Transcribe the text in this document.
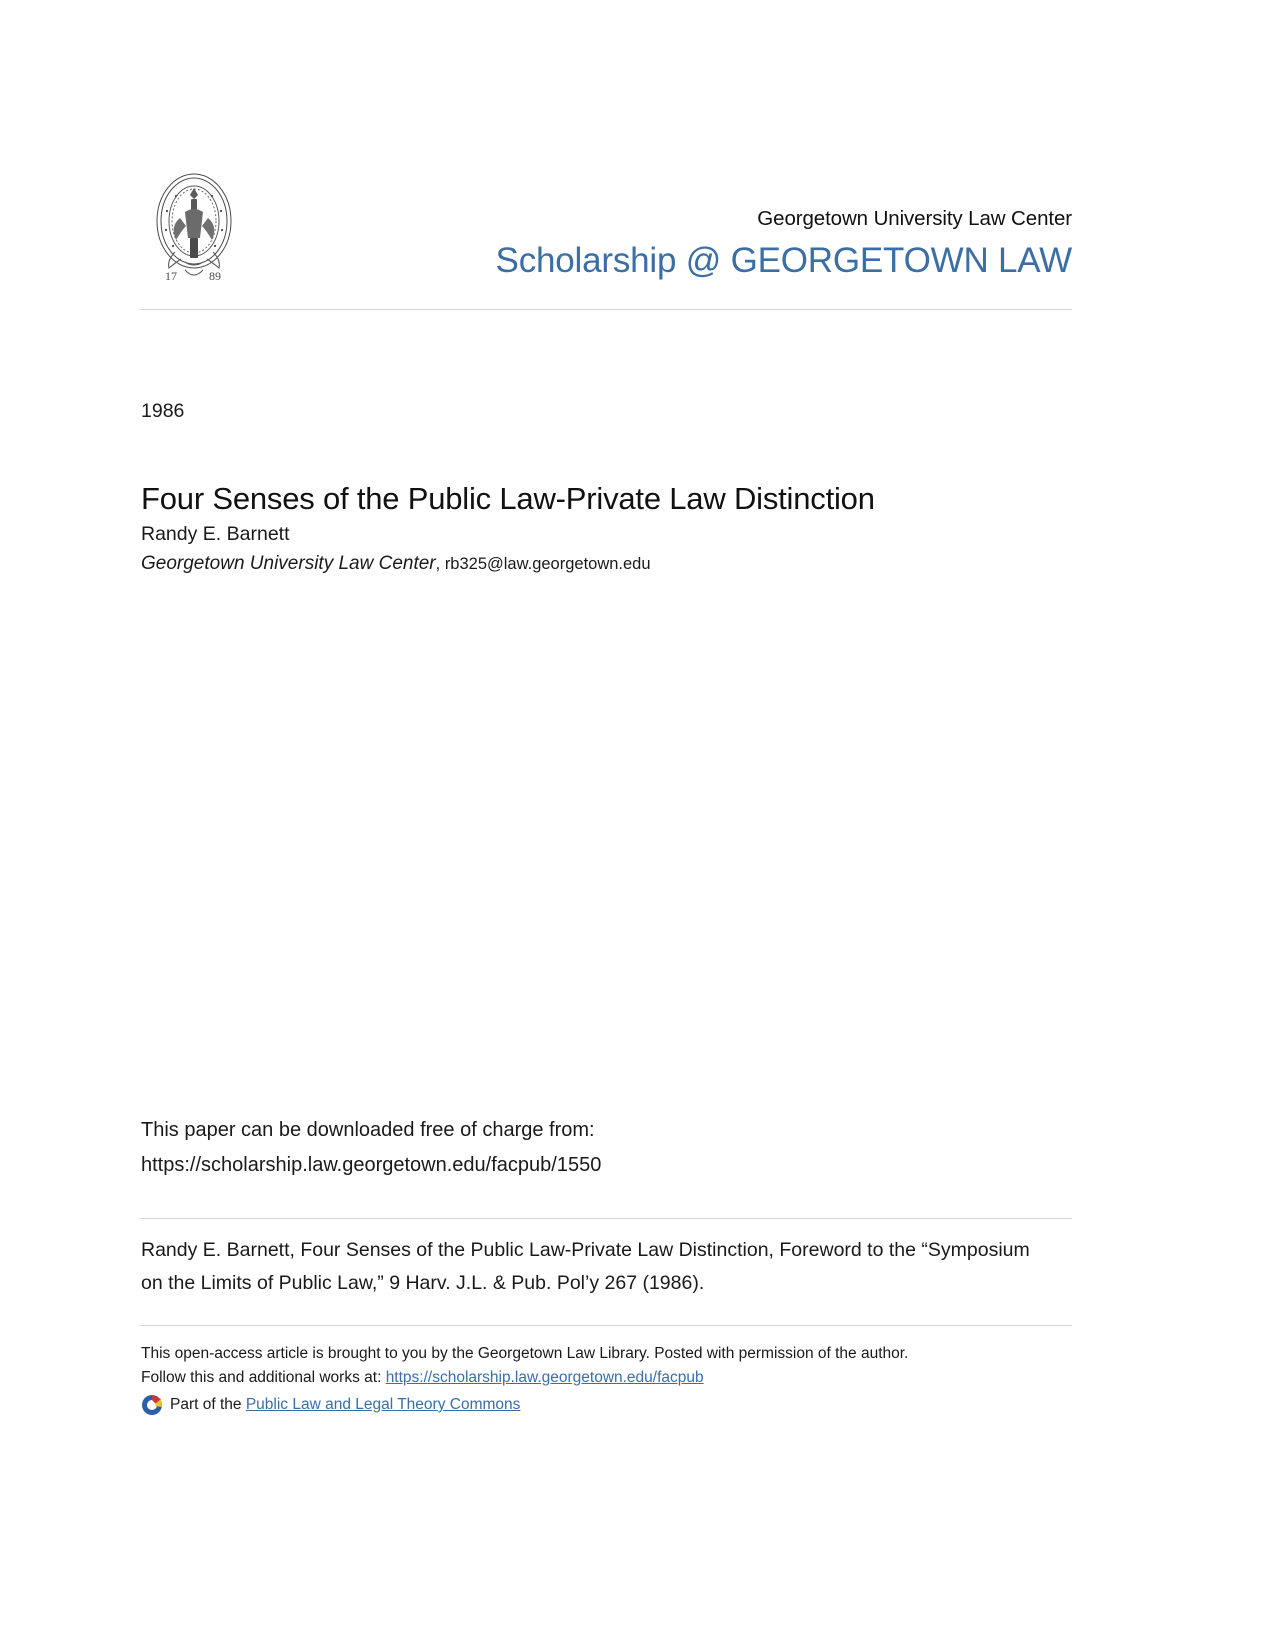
17	89
Georgetown University Law Center
Scholarship @ GEORGETOWN LAW
1986
Four Senses of the Public Law-Private Law Distinction
Randy E. Barnett
Georgetown University Law Center, rb325@law.georgetown.edu
This paper can be downloaded free of charge from:
https://scholarship.law.georgetown.edu/facpub/1550
Randy E. Barnett, Four Senses of the Public Law-Private Law Distinction, Foreword to the “Symposium on the Limits of Public Law,” 9 Harv. J.L. & Pub. Pol’y 267 (1986).
This open-access article is brought to you by the Georgetown Law Library. Posted with permission of the author.
Follow this and additional works at: https://scholarship.law.georgetown.edu/facpub
Part of the Public Law and Legal Theory Commons
